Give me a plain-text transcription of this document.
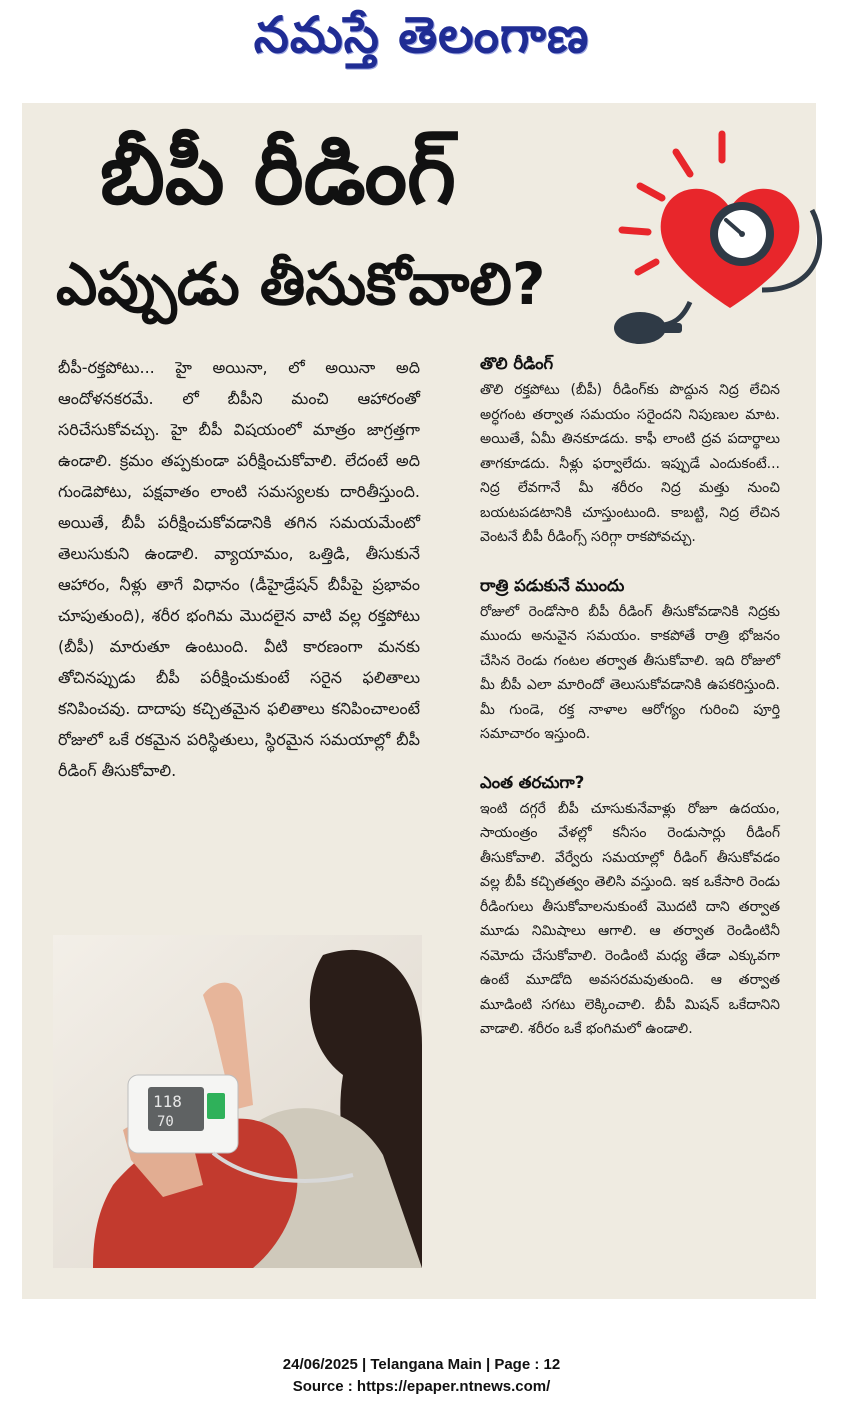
నమస్తే తెలంగాణ
బీపీ రీడింగ్
ఎప్పుడు తీసుకోవాలి?
బీపీ-రక్తపోటు... హై అయినా, లో అయినా అది ఆందోళనకరమే. లో బీపీని మంచి ఆహారంతో సరిచేసుకోవచ్చు. హై బీపీ విషయంలో మాత్రం జాగ్రత్తగా ఉండాలి. క్రమం తప్పకుండా పరీక్షించుకోవాలి. లేదంటే అది గుండెపోటు, పక్షవాతం లాంటి సమస్యలకు దారితీస్తుంది. అయితే, బీపీ పరీక్షించుకోవడానికి తగిన సమయమేంటో తెలుసుకుని ఉండాలి. వ్యాయామం, ఒత్తిడి, తీసుకునే ఆహారం, నీళ్లు తాగే విధానం (డీహైడ్రేషన్ బీపీపై ప్రభావం చూపుతుంది), శరీర భంగిమ మొదలైన వాటి వల్ల రక్తపోటు (బీపీ) మారుతూ ఉంటుంది. వీటి కారణంగా మనకు తోచినప్పుడు బీపీ పరీక్షించుకుంటే సరైన ఫలితాలు కనిపించవు. దాదాపు కచ్చితమైన ఫలితాలు కనిపించాలంటే రోజులో ఒకే రకమైన పరిస్థితులు, స్థిరమైన సమయాల్లో బీపీ రీడింగ్ తీసుకోవాలి.

తొలి రీడింగ్

తొలి రక్తపోటు (బీపీ) రీడింగ్‌కు పొద్దున నిద్ర లేచిన అర్ధగంట తర్వాత సమయం సరైందని నిపుణుల మాట. అయితే, ఏమీ తినకూడదు. కాఫీ లాంటి ద్రవ పదార్థాలు తాగకూడదు. నీళ్లు ఫర్వాలేదు. ఇప్పుడే ఎందుకంటే... నిద్ర లేవగానే మీ శరీరం నిద్ర మత్తు నుంచి బయటపడటానికి చూస్తుంటుంది. కాబట్టి, నిద్ర లేచిన వెంటనే బీపీ రీడింగ్స్ సరిగ్గా రాకపోవచ్చు.

రాత్రి పడుకునే ముందు

రోజులో రెండోసారి బీపీ రీడింగ్ తీసుకోవడానికి నిద్రకు ముందు అనువైన సమయం. కాకపోతే రాత్రి భోజనం చేసిన రెండు గంటల తర్వాత తీసుకోవాలి. ఇది రోజులో మీ బీపీ ఎలా మారిందో తెలుసుకోవడానికి ఉపకరిస్తుంది. మీ గుండె, రక్త నాళాల ఆరోగ్యం గురించి పూర్తి సమాచారం ఇస్తుంది.

ఎంత తరచుగా?

ఇంటి దగ్గరే బీపీ చూసుకునేవాళ్లు రోజూ ఉదయం, సాయంత్రం వేళల్లో కనీసం రెండుసార్లు రీడింగ్ తీసుకోవాలి. వేర్వేరు సమయాల్లో రీడింగ్ తీసుకోవడం వల్ల బీపీ కచ్చితత్వం తెలిసి వస్తుంది. ఇక ఒకేసారి రెండు రీడింగులు తీసుకోవాలనుకుంటే మొదటి దాని తర్వాత మూడు నిమిషాలు ఆగాలి. ఆ తర్వాత రెండింటినీ నమోదు చేసుకోవాలి. రెండింటి మధ్య తేడా ఎక్కువగా ఉంటే మూడోది అవసరమవుతుంది. ఆ తర్వాత మూడింటి సగటు లెక్కించాలి. బీపీ మిషన్ ఒకేదానిని వాడాలి. శరీరం ఒకే భంగిమలో ఉండాలి.

118
70
24/06/2025 | Telangana Main | Page : 12
Source : https://epaper.ntnews.com/
